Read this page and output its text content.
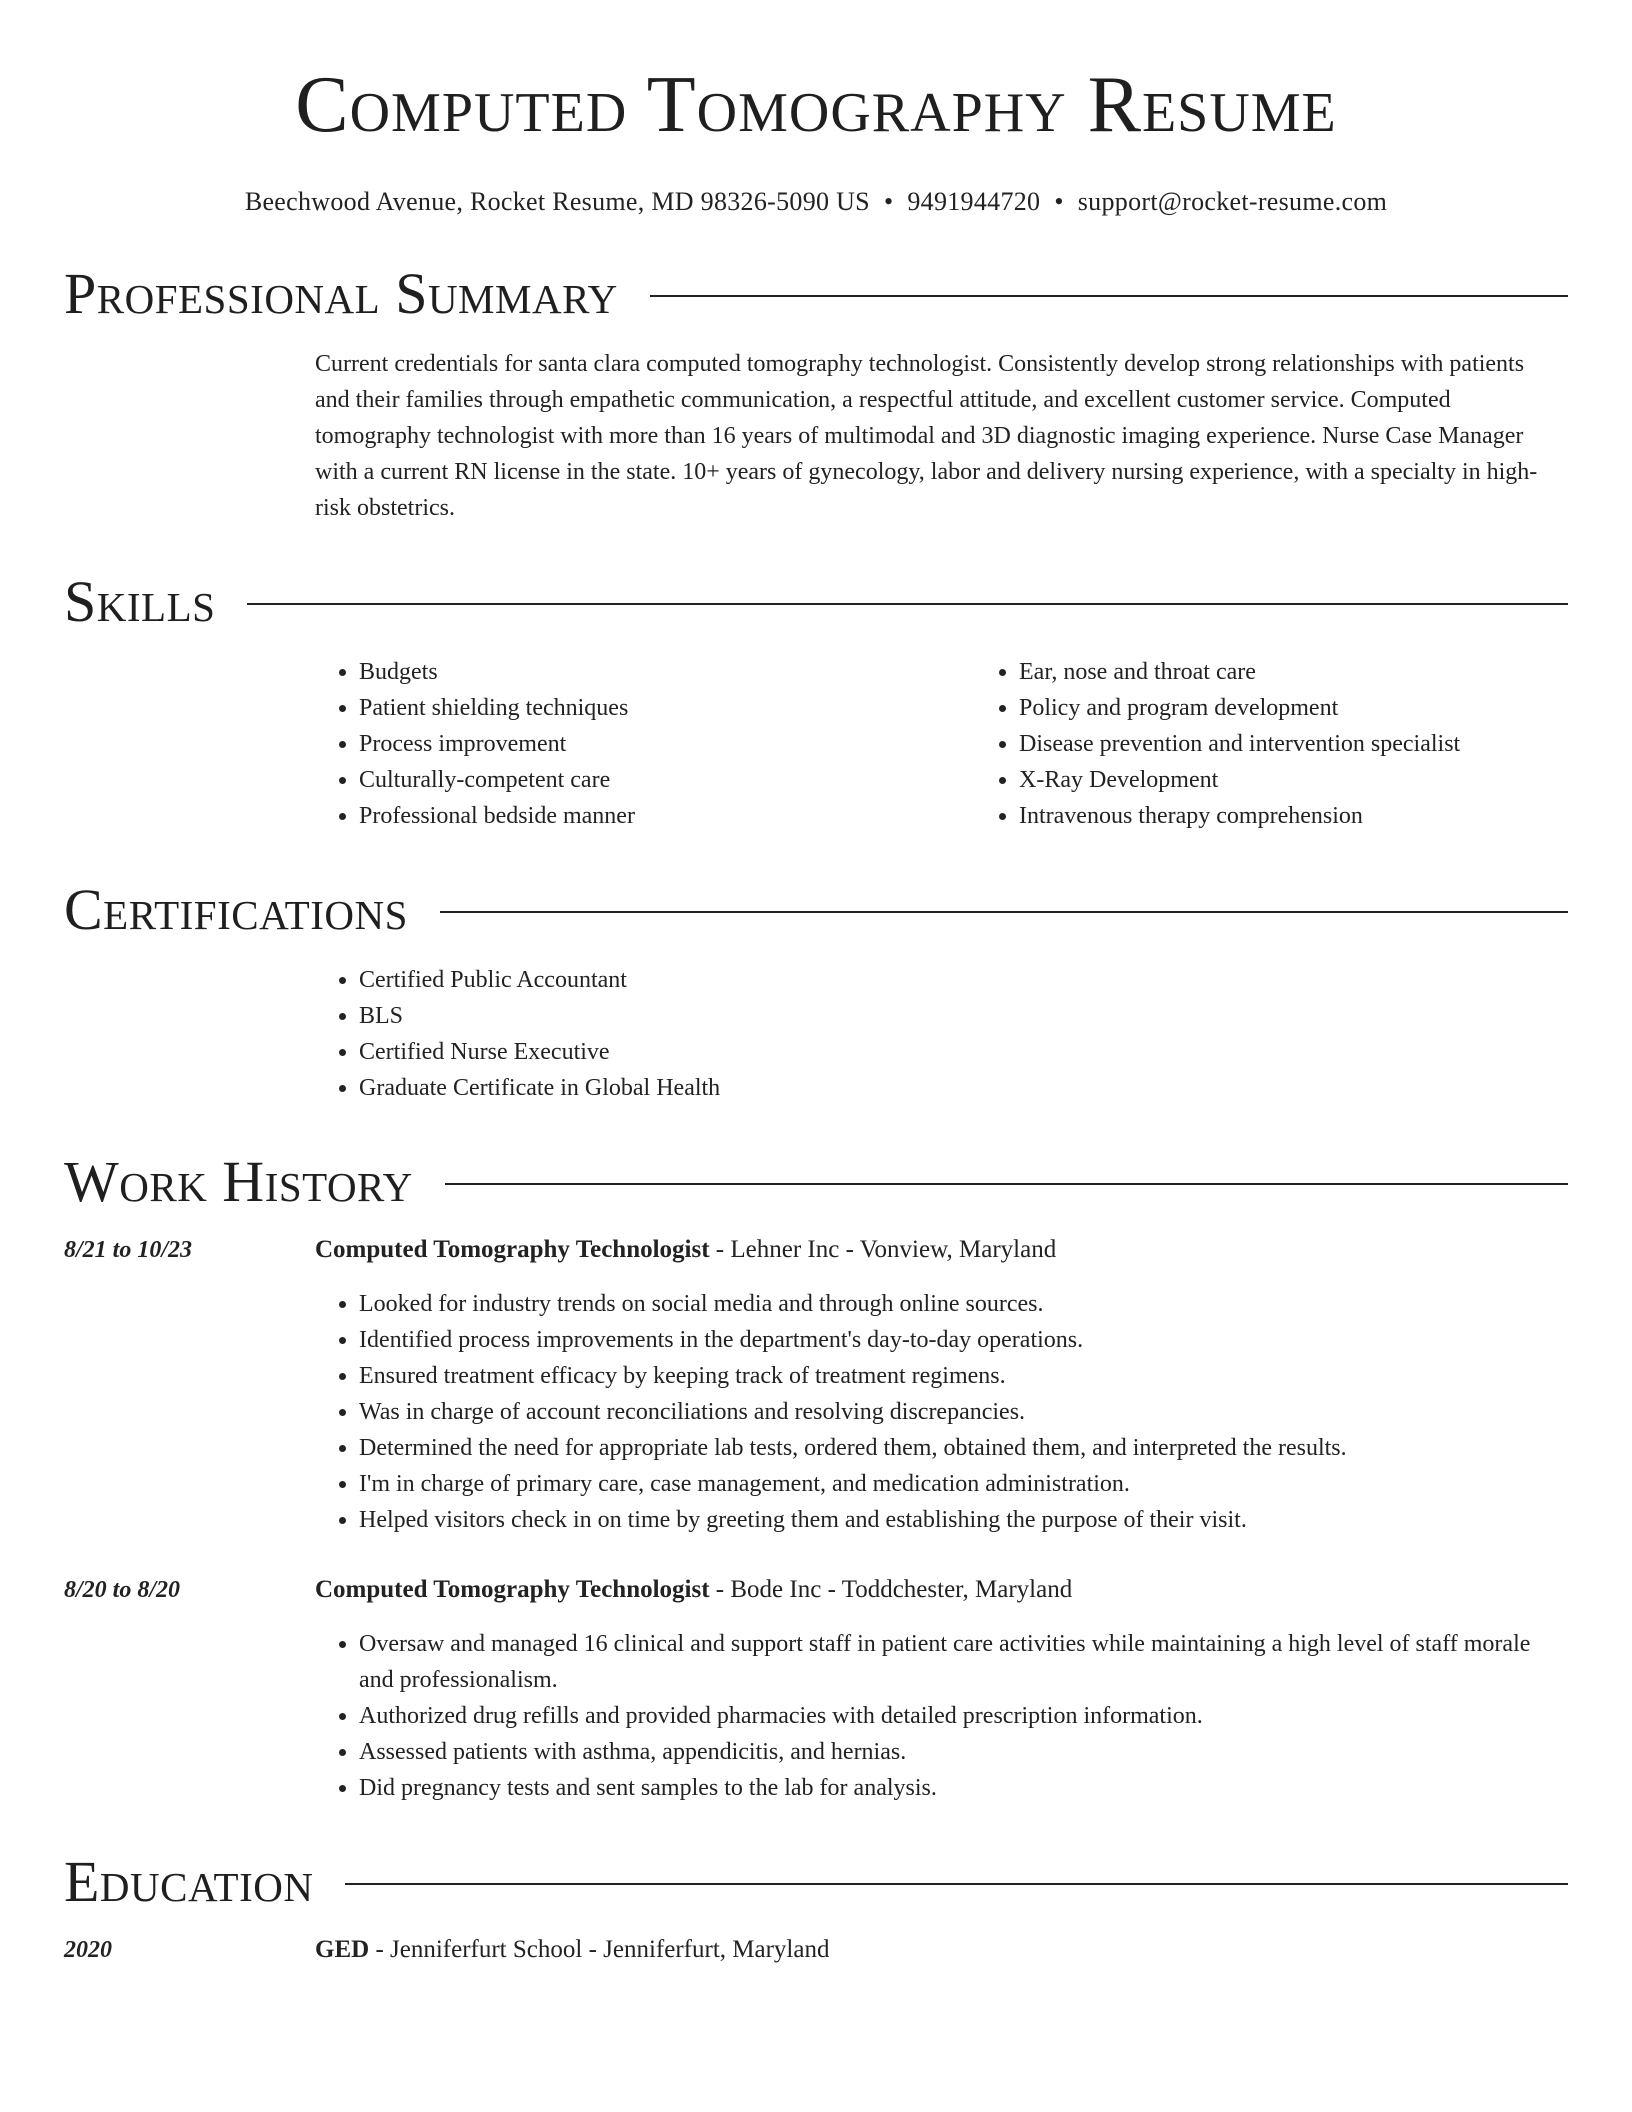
Computed Tomography Resume
Beechwood Avenue, Rocket Resume, MD 98326-5090 US • 9491944720 • support@rocket-resume.com
Professional Summary

Current credentials for santa clara computed tomography technologist. Consistently develop strong relationships with patients and their families through empathetic communication, a respectful attitude, and excellent customer service. Computed tomography technologist with more than 16 years of multimodal and 3D diagnostic imaging experience. Nurse Case Manager with a current RN license in the state. 10+ years of gynecology, labor and delivery nursing experience, with a specialty in high-risk obstetrics.

Skills
• Budgets
• Patient shielding techniques
• Process improvement
• Culturally-competent care
• Professional bedside manner
• Ear, nose and throat care
• Policy and program development
• Disease prevention and intervention specialist
• X-Ray Development
• Intravenous therapy comprehension
Certifications
• Certified Public Accountant
• BLS
• Certified Nurse Executive
• Graduate Certificate in Global Health
Work History
8/21 to 10/23	Computed Tomography Technologist - Lehner Inc - Vonview, Maryland
• Looked for industry trends on social media and through online sources.
• Identified process improvements in the department's day-to-day operations.
• Ensured treatment efficacy by keeping track of treatment regimens.
• Was in charge of account reconciliations and resolving discrepancies.
• Determined the need for appropriate lab tests, ordered them, obtained them, and interpreted the results.
• I'm in charge of primary care, case management, and medication administration.
• Helped visitors check in on time by greeting them and establishing the purpose of their visit.
8/20 to 8/20	Computed Tomography Technologist - Bode Inc - Toddchester, Maryland
• Oversaw and managed 16 clinical and support staff in patient care activities while maintaining a high level of staff morale and professionalism.
• Authorized drug refills and provided pharmacies with detailed prescription information.
• Assessed patients with asthma, appendicitis, and hernias.
• Did pregnancy tests and sent samples to the lab for analysis.
Education
2020	GED - Jenniferfurt School - Jenniferfurt, Maryland
